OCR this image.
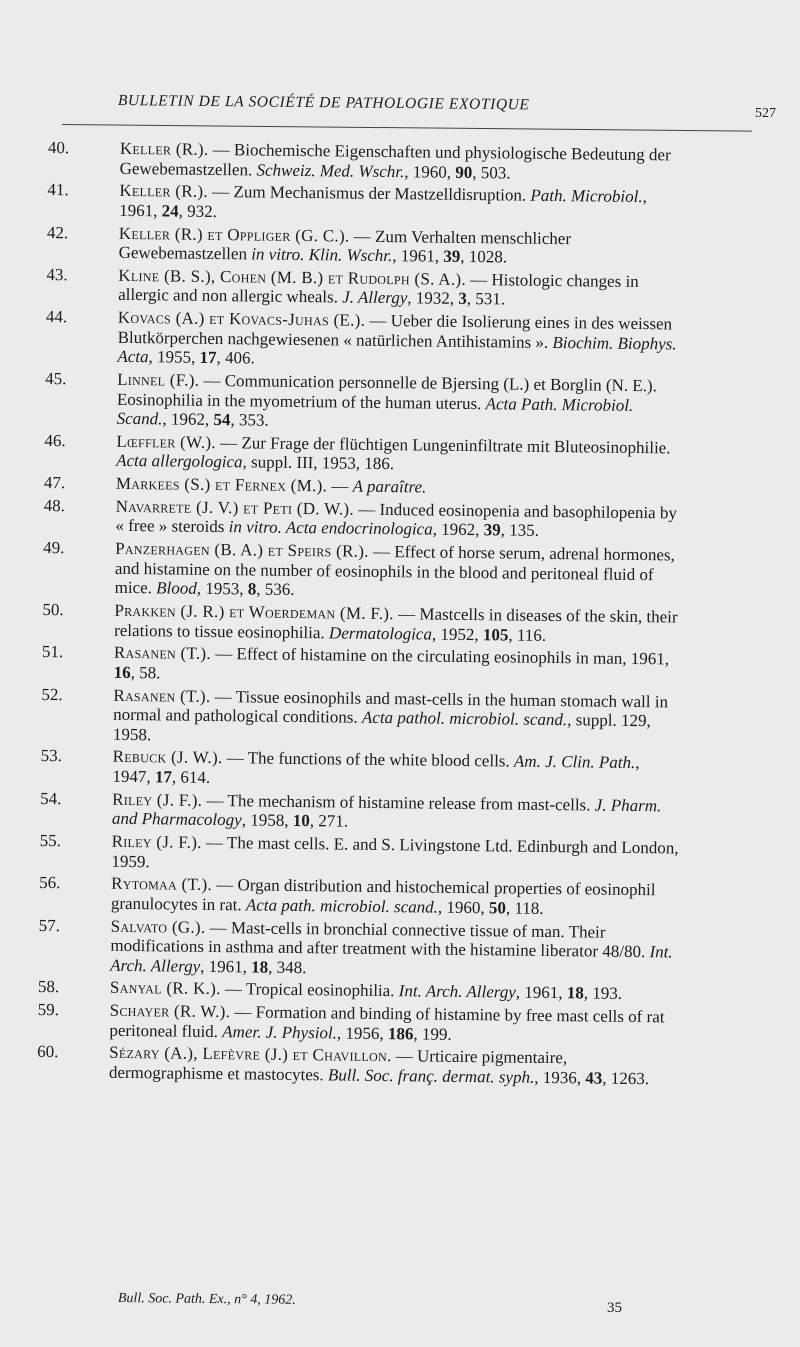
BULLETIN DE LA SOCIÉTÉ DE PATHOLOGIE EXOTIQUE
527
40.	Keller (R.). — Biochemische Eigenschaften und physiologische Bedeutung der Gewebemastzellen. Schweiz. Med. Wschr., 1960, 90, 503.
41.	Keller (R.). — Zum Mechanismus der Mastzelldisruption. Path. Microbiol., 1961, 24, 932.
42.	Keller (R.) et Oppliger (G. C.). — Zum Verhalten menschlicher Gewebemastzellen in vitro. Klin. Wschr., 1961, 39, 1028.
43.	Kline (B. S.), Cohen (M. B.) et Rudolph (S. A.). — Histologic changes in allergic and non allergic wheals. J. Allergy, 1932, 3, 531.
44.	Kovacs (A.) et Kovacs-Juhas (E.). — Ueber die Isolierung eines in des weissen Blutkörperchen nachgewiesenen « natürlichen Antihistamins ». Biochim. Biophys. Acta, 1955, 17, 406.
45.	Linnel (F.). — Communication personnelle de Bjersing (L.) et Borglin (N. E.). Eosinophilia in the myometrium of the human uterus. Acta Path. Microbiol. Scand., 1962, 54, 353.
46.	Lœffler (W.). — Zur Frage der flüchtigen Lungeninfiltrate mit Bluteosinophilie. Acta allergologica, suppl. III, 1953, 186.
47.	Markees (S.) et Fernex (M.). — A paraître.
48.	Navarrete (J. V.) et Peti (D. W.). — Induced eosinopenia and basophilopenia by « free » steroids in vitro. Acta endocrinologica, 1962, 39, 135.
49.	Panzerhagen (B. A.) et Speirs (R.). — Effect of horse serum, adrenal hormones, and histamine on the number of eosinophils in the blood and peritoneal fluid of mice. Blood, 1953, 8, 536.
50.	Prakken (J. R.) et Woerdeman (M. F.). — Mastcells in diseases of the skin, their relations to tissue eosinophilia. Dermatologica, 1952, 105, 116.
51.	Rasanen (T.). — Effect of histamine on the circulating eosinophils in man, 1961, 16, 58.
52.	Rasanen (T.). — Tissue eosinophils and mast-cells in the human stomach wall in normal and pathological conditions. Acta pathol. microbiol. scand., suppl. 129, 1958.
53.	Rebuck (J. W.). — The functions of the white blood cells. Am. J. Clin. Path., 1947, 17, 614.
54.	Riley (J. F.). — The mechanism of histamine release from mast-cells. J. Pharm. and Pharmacology, 1958, 10, 271.
55.	Riley (J. F.). — The mast cells. E. and S. Livingstone Ltd. Edinburgh and London, 1959.
56.	Rytomaa (T.). — Organ distribution and histochemical properties of eosinophil granulocytes in rat. Acta path. microbiol. scand., 1960, 50, 118.
57.	Salvato (G.). — Mast-cells in bronchial connective tissue of man. Their modifications in asthma and after treatment with the histamine liberator 48/80. Int. Arch. Allergy, 1961, 18, 348.
58.	Sanyal (R. K.). — Tropical eosinophilia. Int. Arch. Allergy, 1961, 18, 193.
59.	Schayer (R. W.). — Formation and binding of histamine by free mast cells of rat peritoneal fluid. Amer. J. Physiol., 1956, 186, 199.
60.	Sézary (A.), Lefèvre (J.) et Chavillon. — Urticaire pigmentaire, dermographisme et mastocytes. Bull. Soc. franç. dermat. syph., 1936, 43, 1263.
Bull. Soc. Path. Ex., n° 4, 1962.
35
